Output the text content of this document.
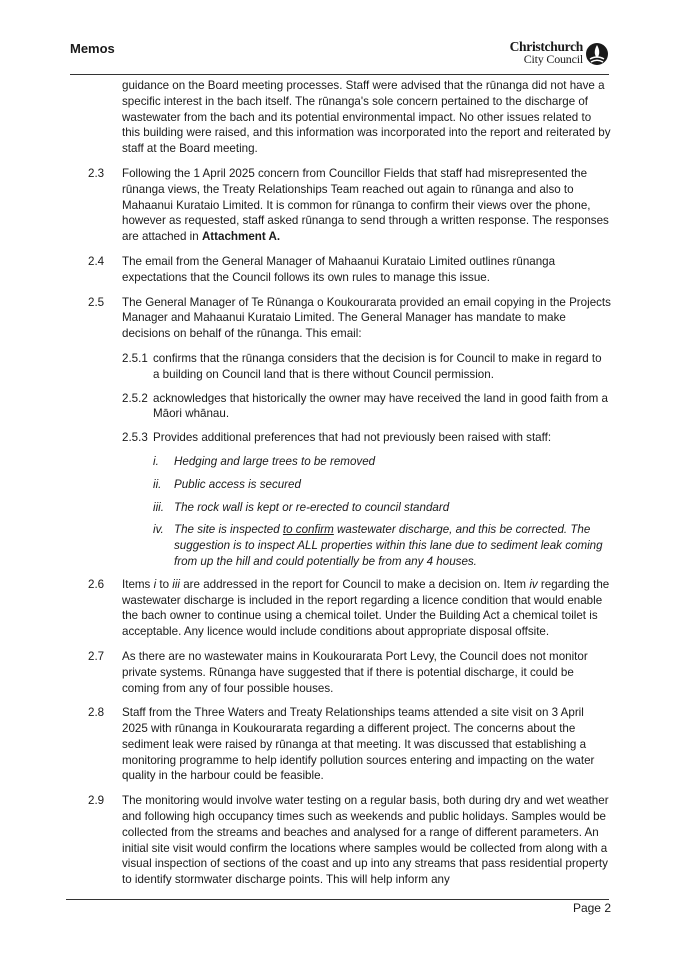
Memos	Christchurch
City Council

guidance on the Board meeting processes. Staff were advised that the rūnanga did not have a specific interest in the bach itself. The rūnanga's sole concern pertained to the discharge of wastewater from the bach and its potential environmental impact. No other issues related to this building were raised, and this information was incorporated into the report and reiterated by staff at the Board meeting.

2.3 Following the 1 April 2025 concern from Councillor Fields that staff had misrepresented the rūnanga views, the Treaty Relationships Team reached out again to rūnanga and also to Mahaanui Kurataio Limited. It is common for rūnanga to confirm their views over the phone, however as requested, staff asked rūnanga to send through a written response. The responses are attached in Attachment A.

2.4 The email from the General Manager of Mahaanui Kurataio Limited outlines rūnanga expectations that the Council follows its own rules to manage this issue.

2.5 The General Manager of Te Rūnanga o Koukourarata provided an email copying in the Projects Manager and Mahaanui Kurataio Limited. The General Manager has mandate to make decisions on behalf of the rūnanga. This email:

2.5.1 confirms that the rūnanga considers that the decision is for Council to make in regard to a building on Council land that is there without Council permission.

2.5.2 acknowledges that historically the owner may have received the land in good faith from a Māori whānau.

2.5.3 Provides additional preferences that had not previously been raised with staff:

i. Hedging and large trees to be removed

ii. Public access is secured

iii. The rock wall is kept or re-erected to council standard

iv. The site is inspected to confirm wastewater discharge, and this be corrected. The suggestion is to inspect ALL properties within this lane due to sediment leak coming from up the hill and could potentially be from any 4 houses.

2.6 Items i to iii are addressed in the report for Council to make a decision on. Item iv regarding the wastewater discharge is included in the report regarding a licence condition that would enable the bach owner to continue using a chemical toilet. Under the Building Act a chemical toilet is acceptable. Any licence would include conditions about appropriate disposal offsite.

2.7 As there are no wastewater mains in Koukourarata Port Levy, the Council does not monitor private systems. Rūnanga have suggested that if there is potential discharge, it could be coming from any of four possible houses.

2.8 Staff from the Three Waters and Treaty Relationships teams attended a site visit on 3 April 2025 with rūnanga in Koukourarata regarding a different project. The concerns about the sediment leak were raised by rūnanga at that meeting. It was discussed that establishing a monitoring programme to help identify pollution sources entering and impacting on the water quality in the harbour could be feasible.

2.9 The monitoring would involve water testing on a regular basis, both during dry and wet weather and following high occupancy times such as weekends and public holidays. Samples would be collected from the streams and beaches and analysed for a range of different parameters. An initial site visit would confirm the locations where samples would be collected from along with a visual inspection of sections of the coast and up into any streams that pass residential property to identify stormwater discharge points. This will help inform any

Page 2
